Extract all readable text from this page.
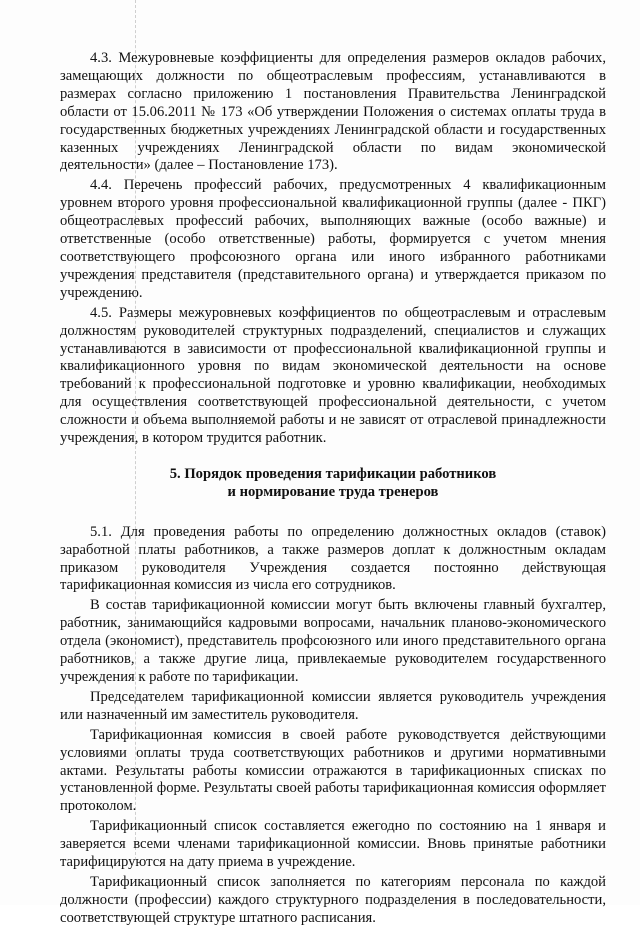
4.3. Межуровневые коэффициенты для определения размеров окладов рабочих, замещающих должности по общеотраслевым профессиям, устанавливаются в размерах согласно приложению 1 постановления Правительства Ленинградской области от 15.06.2011 № 173 «Об утверждении Положения о системах оплаты труда в государственных бюджетных учреждениях Ленинградской области и государственных казенных учреждениях Ленинградской области по видам экономической деятельности» (далее – Постановление 173).

4.4. Перечень профессий рабочих, предусмотренных 4 квалификационным уровнем второго уровня профессиональной квалификационной группы (далее - ПКГ) общеотраслевых профессий рабочих, выполняющих важные (особо важные) и ответственные (особо ответственные) работы, формируется с учетом мнения соответствующего профсоюзного органа или иного избранного работниками учреждения представителя (представительного органа) и утверждается приказом по учреждению.

4.5. Размеры межуровневых коэффициентов по общеотраслевым и отраслевым должностям руководителей структурных подразделений, специалистов и служащих устанавливаются в зависимости от профессиональной квалификационной группы и квалификационного уровня по видам экономической деятельности на основе требований к профессиональной подготовке и уровню квалификации, необходимых для осуществления соответствующей профессиональной деятельности, с учетом сложности и объема выполняемой работы и не зависят от отраслевой принадлежности учреждения, в котором трудится работник.

5. Порядок проведения тарификации работников
и нормирование труда тренеров

5.1. Для проведения работы по определению должностных окладов (ставок) заработной платы работников, а также размеров доплат к должностным окладам приказом руководителя Учреждения создается постоянно действующая тарификационная комиссия из числа его сотрудников.

В состав тарификационной комиссии могут быть включены главный бухгалтер, работник, занимающийся кадровыми вопросами, начальник планово-экономического отдела (экономист), представитель профсоюзного или иного представительного органа работников, а также другие лица, привлекаемые руководителем государственного учреждения к работе по тарификации.

Председателем тарификационной комиссии является руководитель учреждения или назначенный им заместитель руководителя.

Тарификационная комиссия в своей работе руководствуется действующими условиями оплаты труда соответствующих работников и другими нормативными актами. Результаты работы комиссии отражаются в тарификационных списках по установленной форме. Результаты своей работы тарификационная комиссия оформляет протоколом.

Тарификационный список составляется ежегодно по состоянию на 1 января и заверяется всеми членами тарификационной комиссии. Вновь принятые работники тарифицируются на дату приема в учреждение.

Тарификационный список заполняется по категориям персонала по каждой должности (профессии) каждого структурного подразделения в последовательности, соответствующей структуре штатного расписания.
